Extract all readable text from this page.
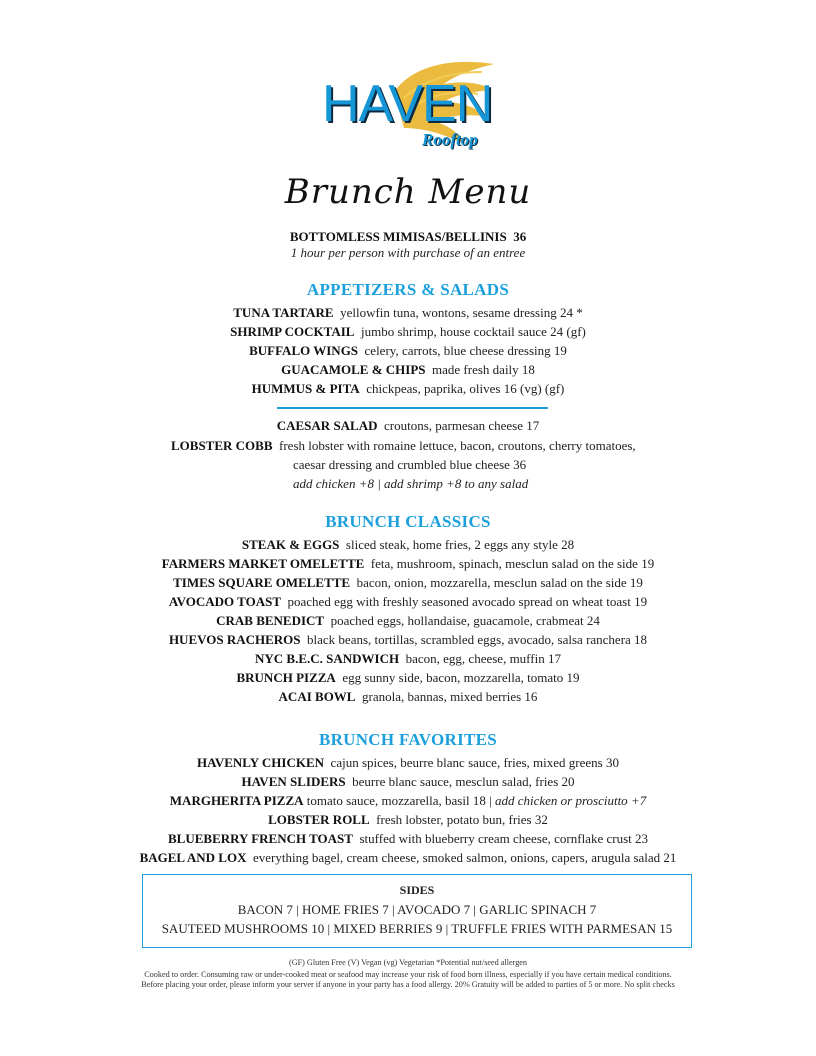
HAVEN
Rooftop
Brunch Menu
BOTTOMLESS MIMISAS/BELLINIS 36
1 hour per person with purchase of an entree
APPETIZERS & SALADS
TUNA TARTARE yellowfin tuna, wontons, sesame dressing 24 *
SHRIMP COCKTAIL jumbo shrimp, house cocktail sauce 24 (gf)
BUFFALO WINGS celery, carrots, blue cheese dressing 19
GUACAMOLE & CHIPS made fresh daily 18
HUMMUS & PITA chickpeas, paprika, olives 16 (vg) (gf)
CAESAR SALAD croutons, parmesan cheese 17
LOBSTER COBB fresh lobster with romaine lettuce, bacon, croutons, cherry tomatoes,
caesar dressing and crumbled blue cheese 36
add chicken +8 | add shrimp +8 to any salad
BRUNCH CLASSICS
STEAK & EGGS sliced steak, home fries, 2 eggs any style 28
FARMERS MARKET OMELETTE feta, mushroom, spinach, mesclun salad on the side 19
TIMES SQUARE OMELETTE bacon, onion, mozzarella, mesclun salad on the side 19
AVOCADO TOAST poached egg with freshly seasoned avocado spread on wheat toast 19
CRAB BENEDICT poached eggs, hollandaise, guacamole, crabmeat 24
HUEVOS RACHEROS black beans, tortillas, scrambled eggs, avocado, salsa ranchera 18
NYC B.E.C. SANDWICH bacon, egg, cheese, muffin 17
BRUNCH PIZZA egg sunny side, bacon, mozzarella, tomato 19
ACAI BOWL granola, bannas, mixed berries 16
BRUNCH FAVORITES
HAVENLY CHICKEN cajun spices, beurre blanc sauce, fries, mixed greens 30
HAVEN SLIDERS beurre blanc sauce, mesclun salad, fries 20
MARGHERITA PIZZA tomato sauce, mozzarella, basil 18 | add chicken or prosciutto +7
LOBSTER ROLL fresh lobster, potato bun, fries 32
BLUEBERRY FRENCH TOAST stuffed with blueberry cream cheese, cornflake crust 23
BAGEL AND LOX everything bagel, cream cheese, smoked salmon, onions, capers, arugula salad 21
SIDES
BACON 7 | HOME FRIES 7 | AVOCADO 7 | GARLIC SPINACH 7
SAUTEED MUSHROOMS 10 | MIXED BERRIES 9 | TRUFFLE FRIES WITH PARMESAN 15
(GF) Gluten Free (V) Vegan (vg) Vegetarian *Potential nut/seed allergen
Cooked to order. Consuming raw or under-cooked meat or seafood may increase your risk of food born illness, especially if you have certain medical conditions.
Before placing your order, please inform your server if anyone in your party has a food allergy. 20% Gratuity will be added to parties of 5 or more. No split checks
